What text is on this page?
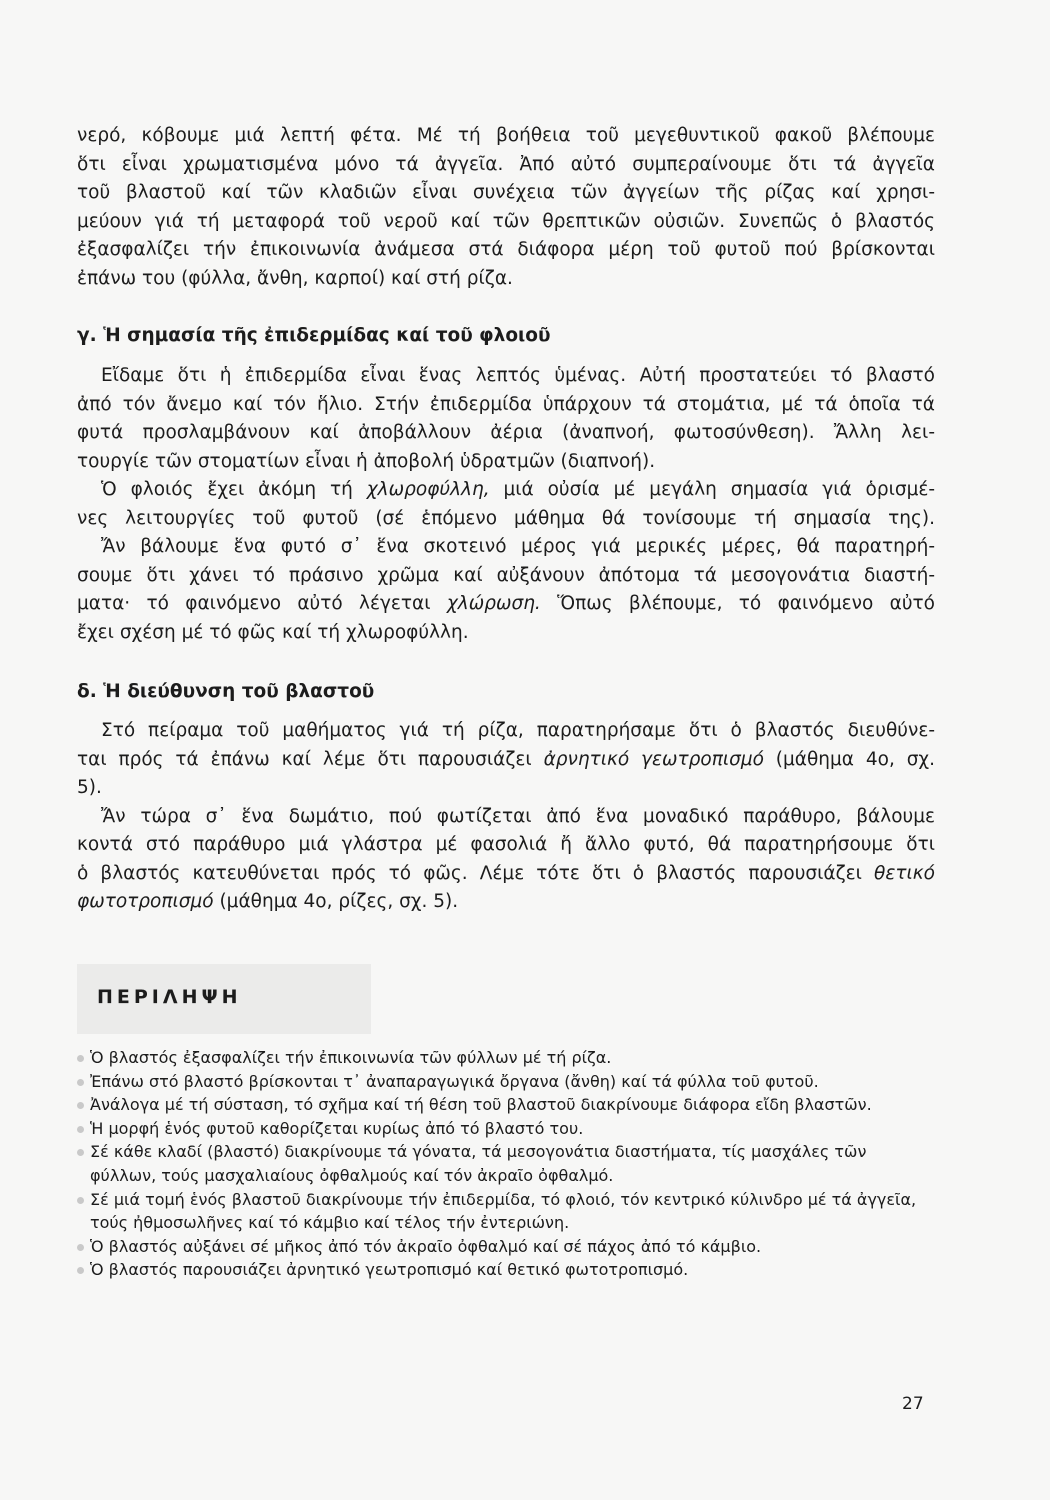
νερό, κόβουμε μιά λεπτή φέτα. Μέ τή βοήθεια τοῦ μεγεθυντικοῦ φακοῦ βλέπουμε
ὅτι εἶναι χρωματισμένα μόνο τά ἀγγεῖα. Ἀπό αὐτό συμπεραίνουμε ὅτι τά ἀγγεῖα
τοῦ βλαστοῦ καί τῶν κλαδιῶν εἶναι συνέχεια τῶν ἀγγείων τῆς ρίζας καί χρησι-
μεύουν γιά τή μεταφορά τοῦ νεροῦ καί τῶν θρεπτικῶν οὐσιῶν. Συνεπῶς ὁ βλαστός
ἐξασφαλίζει τήν ἐπικοινωνία ἀνάμεσα στά διάφορα μέρη τοῦ φυτοῦ πού βρίσκονται
ἐπάνω του (φύλλα, ἄνθη, καρποί) καί στή ρίζα.

γ. Ἡ σημασία τῆς ἐπιδερμίδας καί τοῦ φλοιοῦ

Εἴδαμε ὅτι ἡ ἐπιδερμίδα εἶναι ἕνας λεπτός ὑμένας. Αὐτή προστατεύει τό βλαστό
ἀπό τόν ἄνεμο καί τόν ἥλιο. Στήν ἐπιδερμίδα ὑπάρχουν τά στομάτια, μέ τά ὁποῖα τά
φυτά προσλαμβάνουν καί ἀποβάλλουν ἀέρια (ἀναπνοή, φωτοσύνθεση). Ἄλλη λει-
τουργίε τῶν στοματίων εἶναι ἡ ἀποβολή ὑδρατμῶν (διαπνοή).
Ὁ φλοιός ἔχει ἀκόμη τή χλωροφύλλη, μιά οὐσία μέ μεγάλη σημασία γιά ὁρισμέ-
νες λειτουργίες τοῦ φυτοῦ (σέ ἑπόμενο μάθημα θά τονίσουμε τή σημασία της).
Ἄν βάλουμε ἕνα φυτό σ᾿ ἕνα σκοτεινό μέρος γιά μερικές μέρες, θά παρατηρή-
σουμε ὅτι χάνει τό πράσινο χρῶμα καί αὐξάνουν ἀπότομα τά μεσογονάτια διαστή-
ματα· τό φαινόμενο αὐτό λέγεται χλώρωση. Ὅπως βλέπουμε, τό φαινόμενο αὐτό
ἔχει σχέση μέ τό φῶς καί τή χλωροφύλλη.

δ. Ἡ διεύθυνση τοῦ βλαστοῦ

Στό πείραμα τοῦ μαθήματος γιά τή ρίζα, παρατηρήσαμε ὅτι ὁ βλαστός διευθύνε-
ται πρός τά ἐπάνω καί λέμε ὅτι παρουσιάζει ἀρνητικό γεωτροπισμό (μάθημα 4ο, σχ.
5).
Ἄν τώρα σ᾿ ἕνα δωμάτιο, πού φωτίζεται ἀπό ἕνα μοναδικό παράθυρο, βάλουμε
κοντά στό παράθυρο μιά γλάστρα μέ φασολιά ἤ ἄλλο φυτό, θά παρατηρήσουμε ὅτι
ὁ βλαστός κατευθύνεται πρός τό φῶς. Λέμε τότε ὅτι ὁ βλαστός παρουσιάζει θετικό
φωτοτροπισμό (μάθημα 4ο, ρίζες, σχ. 5).

ΠΕΡΙΛΗΨΗ
Ὁ βλαστός ἐξασφαλίζει τήν ἐπικοινωνία τῶν φύλλων μέ τή ρίζα.
Ἐπάνω στό βλαστό βρίσκονται τ᾿ ἀναπαραγωγικά ὄργανα (ἄνθη) καί τά φύλλα τοῦ φυτοῦ.
Ἀνάλογα μέ τή σύσταση, τό σχῆμα καί τή θέση τοῦ βλαστοῦ διακρίνουμε διάφορα εἴδη βλαστῶν.
Ἡ μορφή ἑνός φυτοῦ καθορίζεται κυρίως ἀπό τό βλαστό του.
Σέ κάθε κλαδί (βλαστό) διακρίνουμε τά γόνατα, τά μεσογονάτια διαστήματα, τίς μασχάλες τῶν φύλλων, τούς μασχαλιαίους ὀφθαλμούς καί τόν ἀκραῖο ὀφθαλμό.
Σέ μιά τομή ἑνός βλαστοῦ διακρίνουμε τήν ἐπιδερμίδα, τό φλοιό, τόν κεντρικό κύλινδρο μέ τά ἀγγεῖα, τούς ἠθμοσωλῆνες καί τό κάμβιο καί τέλος τήν ἐντεριώνη.
Ὁ βλαστός αὐξάνει σέ μῆκος ἀπό τόν ἀκραῖο ὀφθαλμό καί σέ πάχος ἀπό τό κάμβιο.
Ὁ βλαστός παρουσιάζει ἀρνητικό γεωτροπισμό καί θετικό φωτοτροπισμό.

27
